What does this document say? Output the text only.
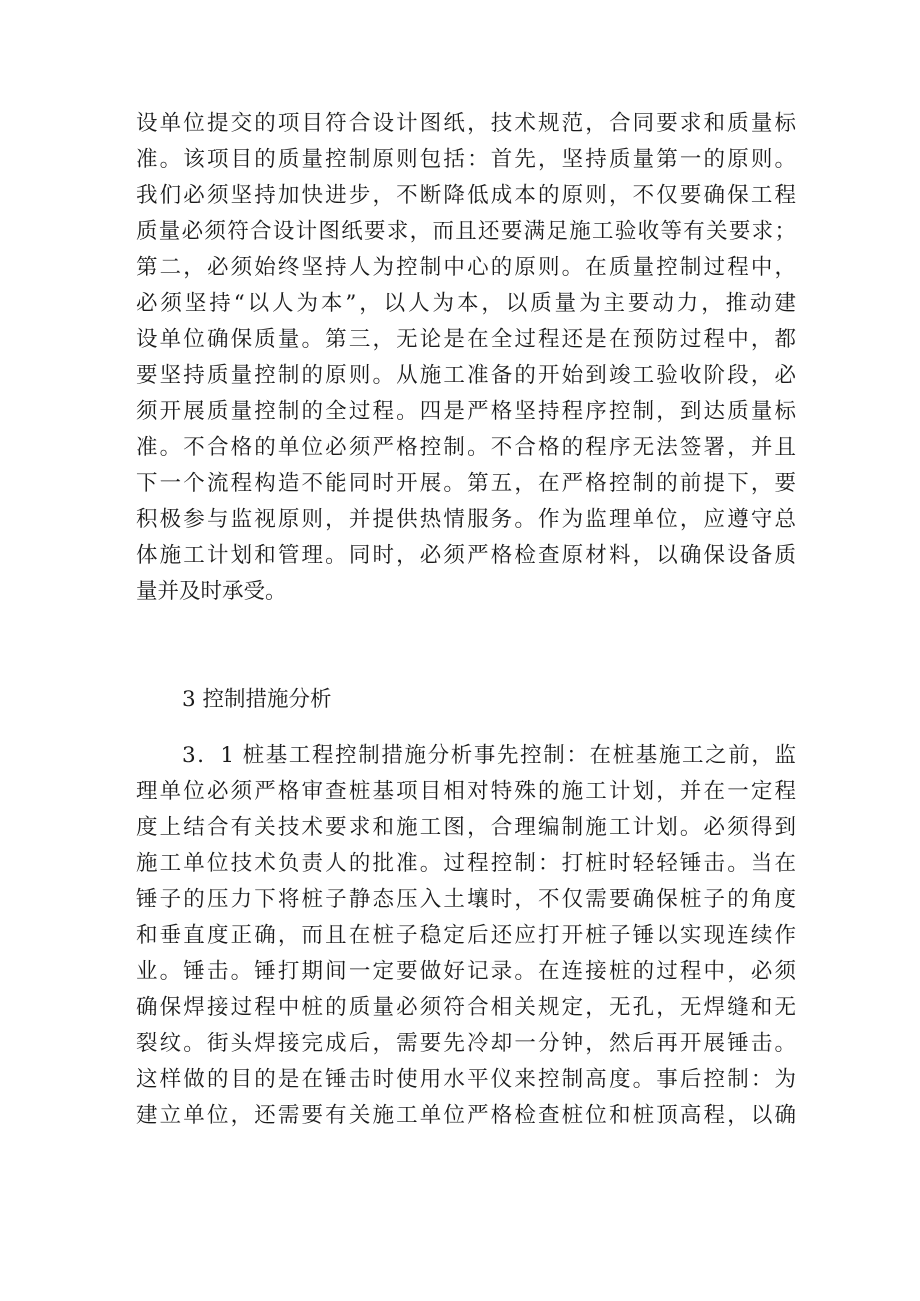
设单位提交的项目符合设计图纸，技术规范，合同要求和质量标
准。该项目的质量控制原则包括：首先，坚持质量第一的原则。
我们必须坚持加快进步，不断降低成本的原则，不仅要确保工程
质量必须符合设计图纸要求，而且还要满足施工验收等有关要求；
第二，必须始终坚持人为控制中心的原则。在质量控制过程中，
必须坚持“以人为本”，以人为本，以质量为主要动力，推动建
设单位确保质量。第三，无论是在全过程还是在预防过程中，都
要坚持质量控制的原则。从施工准备的开始到竣工验收阶段，必
须开展质量控制的全过程。四是严格坚持程序控制，到达质量标
准。不合格的单位必须严格控制。不合格的程序无法签署，并且
下一个流程构造不能同时开展。第五，在严格控制的前提下，要
积极参与监视原则，并提供热情服务。作为监理单位，应遵守总
体施工计划和管理。同时，必须严格检查原材料，以确保设备质
量并及时承受。
3 控制措施分析
3．1 桩基工程控制措施分析事先控制：在桩基施工之前，监
理单位必须严格审查桩基项目相对特殊的施工计划，并在一定程
度上结合有关技术要求和施工图，合理编制施工计划。必须得到
施工单位技术负责人的批准。过程控制：打桩时轻轻锤击。当在
锤子的压力下将桩子静态压入土壤时，不仅需要确保桩子的角度
和垂直度正确，而且在桩子稳定后还应打开桩子锤以实现连续作
业。锤击。锤打期间一定要做好记录。在连接桩的过程中，必须
确保焊接过程中桩的质量必须符合相关规定，无孔，无焊缝和无
裂纹。街头焊接完成后，需要先冷却一分钟，然后再开展锤击。
这样做的目的是在锤击时使用水平仪来控制高度。事后控制：为
建立单位，还需要有关施工单位严格检查桩位和桩顶高程，以确
